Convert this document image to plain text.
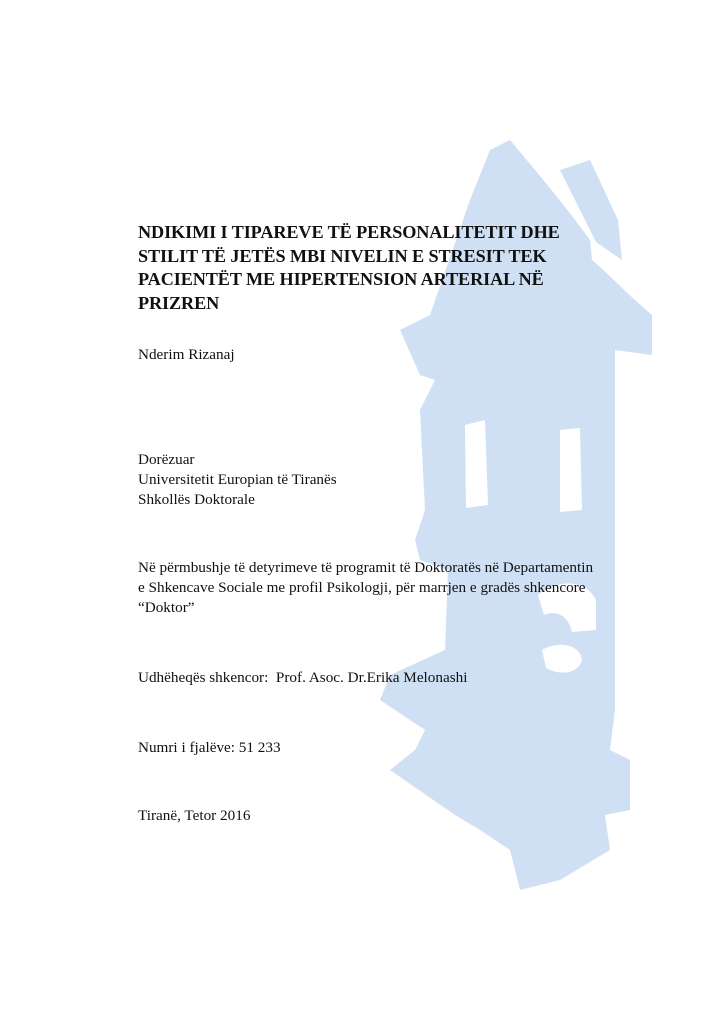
NDIKIMI I TIPAREVE TË PERSONALITETIT DHE
STILIT TË JETËS MBI NIVELIN E STRESIT TEK
PACIENTËT ME HIPERTENSION ARTERIAL NË
PRIZREN
Nderim Rizanaj
Dorëzuar
Universitetit Europian të Tiranës
Shkollës Doktorale
Në përmbushje të detyrimeve të programit të Doktoratës në Departamentin
e Shkencave Sociale me profil Psikologji, për marrjen e gradës shkencore
“Doktor”
Udhëheqës shkencor: Prof. Asoc. Dr.Erika Melonashi
Numri i fjalëve: 51 233
Tiranë, Tetor 2016
